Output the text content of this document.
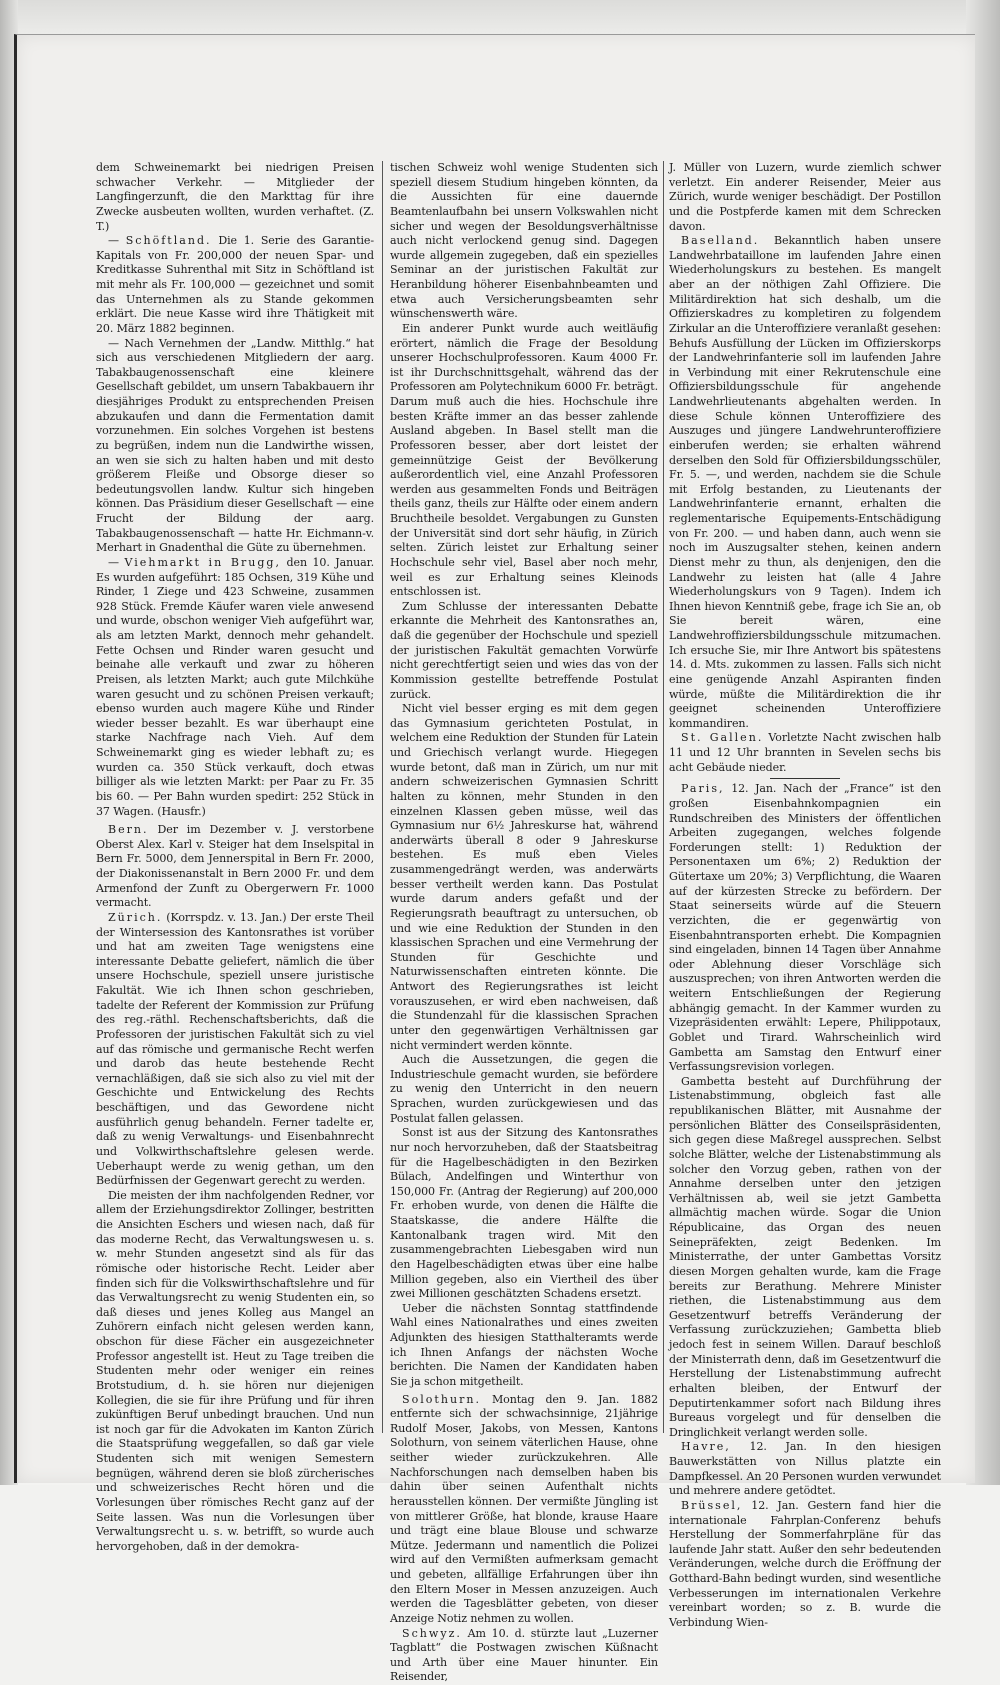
dem Schweinemarkt bei niedrigen Preisen schwacher Verkehr. — Mitglieder der Langfingerzunft, die den Markttag für ihre Zwecke ausbeuten wollten, wurden verhaftet. (Z. T.)

— Schöftland. Die 1. Serie des Garantie-Kapitals von Fr. 200,000 der neuen Spar- und Kreditkasse Suhrenthal mit Sitz in Schöftland ist mit mehr als Fr. 100,000 — gezeichnet und somit das Unternehmen als zu Stande gekommen erklärt. Die neue Kasse wird ihre Thätigkeit mit 20. März 1882 beginnen.

— Nach Vernehmen der „Landw. Mitthlg.“ hat sich aus verschiedenen Mitgliedern der aarg. Tabakbaugenossenschaft eine kleinere Gesellschaft gebildet, um unsern Tabakbauern ihr diesjähriges Produkt zu entsprechenden Preisen abzukaufen und dann die Fermentation damit vorzunehmen. Ein solches Vorgehen ist bestens zu begrüßen, indem nun die Landwirthe wissen, an wen sie sich zu halten haben und mit desto größerem Fleiße und Obsorge dieser so bedeutungsvollen landw. Kultur sich hingeben können. Das Präsidium dieser Gesellschaft — eine Frucht der Bildung der aarg. Tabakbaugenossenschaft — hatte Hr. Eichmann-v. Merhart in Gnadenthal die Güte zu übernehmen.

— Viehmarkt in Brugg, den 10. Januar. Es wurden aufgeführt: 185 Ochsen, 319 Kühe und Rinder, 1 Ziege und 423 Schweine, zusammen 928 Stück. Fremde Käufer waren viele anwesend und wurde, obschon weniger Vieh aufgeführt war, als am letzten Markt, dennoch mehr gehandelt. Fette Ochsen und Rinder waren gesucht und beinahe alle verkauft und zwar zu höheren Preisen, als letzten Markt; auch gute Milchkühe waren gesucht und zu schönen Preisen verkauft; ebenso wurden auch magere Kühe und Rinder wieder besser bezahlt. Es war überhaupt eine starke Nachfrage nach Vieh. Auf dem Schweinemarkt ging es wieder lebhaft zu; es wurden ca. 350 Stück verkauft, doch etwas billiger als wie letzten Markt: per Paar zu Fr. 35 bis 60. — Per Bahn wurden spedirt: 252 Stück in 37 Wagen. (Hausfr.)

Bern. Der im Dezember v. J. verstorbene Oberst Alex. Karl v. Steiger hat dem Inselspital in Bern Fr. 5000, dem Jennerspital in Bern Fr. 2000, der Diakonissenanstalt in Bern 2000 Fr. und dem Armenfond der Zunft zu Obergerwern Fr. 1000 vermacht.

Zürich. (Korrspdz. v. 13. Jan.) Der erste Theil der Wintersession des Kantonsrathes ist vorüber und hat am zweiten Tage wenigstens eine interessante Debatte geliefert, nämlich die über unsere Hochschule, speziell unsere juristische Fakultät. Wie ich Ihnen schon geschrieben, tadelte der Referent der Kommission zur Prüfung des reg.-räthl. Rechenschaftsberichts, daß die Professoren der juristischen Fakultät sich zu viel auf das römische und germanische Recht werfen und darob das heute bestehende Recht vernachläßigen, daß sie sich also zu viel mit der Geschichte und Entwickelung des Rechts beschäftigen, und das Gewordene nicht ausführlich genug behandeln. Ferner tadelte er, daß zu wenig Verwaltungs- und Eisenbahnrecht und Volkwirthschaftslehre gelesen werde. Ueberhaupt werde zu wenig gethan, um den Bedürfnissen der Gegenwart gerecht zu werden.

Die meisten der ihm nachfolgenden Redner, vor allem der Erziehungsdirektor Zollinger, bestritten die Ansichten Eschers und wiesen nach, daß für das moderne Recht, das Verwaltungswesen u. s. w. mehr Stunden angesetzt sind als für das römische oder historische Recht. Leider aber finden sich für die Volkswirthschaftslehre und für das Verwaltungsrecht zu wenig Studenten ein, so daß dieses und jenes Kolleg aus Mangel an Zuhörern einfach nicht gelesen werden kann, obschon für diese Fächer ein ausgezeichneter Professor angestellt ist. Heut zu Tage treiben die Studenten mehr oder weniger ein reines Brotstudium, d. h. sie hören nur diejenigen Kollegien, die sie für ihre Prüfung und für ihren zukünftigen Beruf unbedingt brauchen. Und nun ist noch gar für die Advokaten im Kanton Zürich die Staatsprüfung weggefallen, so daß gar viele Studenten sich mit wenigen Semestern begnügen, während deren sie bloß zürcherisches und schweizerisches Recht hören und die Vorlesungen über römisches Recht ganz auf der Seite lassen. Was nun die Vorlesungen über Verwaltungsrecht u. s. w. betrifft, so wurde auch hervorgehoben, daß in der demokra-

tischen Schweiz wohl wenige Studenten sich speziell diesem Studium hingeben könnten, da die Aussichten für eine dauernde Beamtenlaufbahn bei unsern Volkswahlen nicht sicher und wegen der Besoldungsverhältnisse auch nicht verlockend genug sind. Dagegen wurde allgemein zugegeben, daß ein spezielles Seminar an der juristischen Fakultät zur Heranbildung höherer Eisenbahnbeamten und etwa auch Versicherungsbeamten sehr wünschenswerth wäre.

Ein anderer Punkt wurde auch weitläufig erörtert, nämlich die Frage der Besoldung unserer Hochschulprofessoren. Kaum 4000 Fr. ist ihr Durchschnittsgehalt, während das der Professoren am Polytechnikum 6000 Fr. beträgt. Darum muß auch die hies. Hochschule ihre besten Kräfte immer an das besser zahlende Ausland abgeben. In Basel stellt man die Professoren besser, aber dort leistet der gemeinnützige Geist der Bevölkerung außerordentlich viel, eine Anzahl Professoren werden aus gesammelten Fonds und Beiträgen theils ganz, theils zur Hälfte oder einem andern Bruchtheile besoldet. Vergabungen zu Gunsten der Universität sind dort sehr häufig, in Zürich selten. Zürich leistet zur Erhaltung seiner Hochschule sehr viel, Basel aber noch mehr, weil es zur Erhaltung seines Kleinods entschlossen ist.

Zum Schlusse der interessanten Debatte erkannte die Mehrheit des Kantonsrathes an, daß die gegenüber der Hochschule und speziell der juristischen Fakultät gemachten Vorwürfe nicht gerechtfertigt seien und wies das von der Kommission gestellte betreffende Postulat zurück.

Nicht viel besser erging es mit dem gegen das Gymnasium gerichteten Postulat, in welchem eine Reduktion der Stunden für Latein und Griechisch verlangt wurde. Hiegegen wurde betont, daß man in Zürich, um nur mit andern schweizerischen Gymnasien Schritt halten zu können, mehr Stunden in den einzelnen Klassen geben müsse, weil das Gymnasium nur 6½ Jahreskurse hat, während anderwärts überall 8 oder 9 Jahreskurse bestehen. Es muß eben Vieles zusammengedrängt werden, was anderwärts besser vertheilt werden kann. Das Postulat wurde darum anders gefaßt und der Regierungsrath beauftragt zu untersuchen, ob und wie eine Reduktion der Stunden in den klassischen Sprachen und eine Vermehrung der Stunden für Geschichte und Naturwissenschaften eintreten könnte. Die Antwort des Regierungsrathes ist leicht vorauszusehen, er wird eben nachweisen, daß die Stundenzahl für die klassischen Sprachen unter den gegenwärtigen Verhältnissen gar nicht vermindert werden könnte.

Auch die Aussetzungen, die gegen die Industrieschule gemacht wurden, sie befördere zu wenig den Unterricht in den neuern Sprachen, wurden zurückgewiesen und das Postulat fallen gelassen.

Sonst ist aus der Sitzung des Kantonsrathes nur noch hervorzuheben, daß der Staatsbeitrag für die Hagelbeschädigten in den Bezirken Bülach, Andelfingen und Winterthur von 150,000 Fr. (Antrag der Regierung) auf 200,000 Fr. erhoben wurde, von denen die Hälfte die Staatskasse, die andere Hälfte die Kantonalbank tragen wird. Mit den zusammengebrachten Liebesgaben wird nun den Hagelbeschädigten etwas über eine halbe Million gegeben, also ein Viertheil des über zwei Millionen geschätzten Schadens ersetzt.

Ueber die nächsten Sonntag stattfindende Wahl eines Nationalrathes und eines zweiten Adjunkten des hiesigen Statthalteramts werde ich Ihnen Anfangs der nächsten Woche berichten. Die Namen der Kandidaten haben Sie ja schon mitgetheilt.

Solothurn. Montag den 9. Jan. 1882 entfernte sich der schwachsinnige, 21jährige Rudolf Moser, Jakobs, von Messen, Kantons Solothurn, von seinem väterlichen Hause, ohne seither wieder zurückzukehren. Alle Nachforschungen nach demselben haben bis dahin über seinen Aufenthalt nichts herausstellen können. Der vermißte Jüngling ist von mittlerer Größe, hat blonde, krause Haare und trägt eine blaue Blouse und schwarze Mütze. Jedermann und namentlich die Polizei wird auf den Vermißten aufmerksam gemacht und gebeten, allfällige Erfahrungen über ihn den Eltern Moser in Messen anzuzeigen. Auch werden die Tagesblätter gebeten, von dieser Anzeige Notiz nehmen zu wollen.

Schwyz. Am 10. d. stürzte laut „Luzerner Tagblatt“ die Postwagen zwischen Küßnacht und Arth über eine Mauer hinunter. Ein Reisender,

J. Müller von Luzern, wurde ziemlich schwer verletzt. Ein anderer Reisender, Meier aus Zürich, wurde weniger beschädigt. Der Postillon und die Postpferde kamen mit dem Schrecken davon.

Baselland. Bekanntlich haben unsere Landwehrbataillone im laufenden Jahre einen Wiederholungskurs zu bestehen. Es mangelt aber an der nöthigen Zahl Offiziere. Die Militärdirektion hat sich deshalb, um die Offizierskadres zu kompletiren zu folgendem Zirkular an die Unteroffiziere veranlaßt gesehen: Behufs Ausfüllung der Lücken im Offizierskorps der Landwehrinfanterie soll im laufenden Jahre in Verbindung mit einer Rekrutenschule eine Offiziersbildungsschule für angehende Landwehrlieutenants abgehalten werden. In diese Schule können Unteroffiziere des Auszuges und jüngere Landwehrunteroffiziere einberufen werden; sie erhalten während derselben den Sold für Offiziersbildungsschüler, Fr. 5. —, und werden, nachdem sie die Schule mit Erfolg bestanden, zu Lieutenants der Landwehrinfanterie ernannt, erhalten die reglementarische Equipements-Entschädigung von Fr. 200. — und haben dann, auch wenn sie noch im Auszugsalter stehen, keinen andern Dienst mehr zu thun, als denjenigen, den die Landwehr zu leisten hat (alle 4 Jahre Wiederholungskurs von 9 Tagen). Indem ich Ihnen hievon Kenntniß gebe, frage ich Sie an, ob Sie bereit wären, eine Landwehroffiziersbildungsschule mitzumachen. Ich ersuche Sie, mir Ihre Antwort bis spätestens 14. d. Mts. zukommen zu lassen. Falls sich nicht eine genügende Anzahl Aspiranten finden würde, müßte die Militärdirektion die ihr geeignet scheinenden Unteroffiziere kommandiren.

St. Gallen. Vorletzte Nacht zwischen halb 11 und 12 Uhr brannten in Sevelen sechs bis acht Gebäude nieder.

Paris, 12. Jan. Nach der „France“ ist den großen Eisenbahnkompagnien ein Rundschreiben des Ministers der öffentlichen Arbeiten zugegangen, welches folgende Forderungen stellt: 1) Reduktion der Personentaxen um 6%; 2) Reduktion der Gütertaxe um 20%; 3) Verpflichtung, die Waaren auf der kürzesten Strecke zu befördern. Der Staat seinerseits würde auf die Steuern verzichten, die er gegenwärtig von Eisenbahntransporten erhebt. Die Kompagnien sind eingeladen, binnen 14 Tagen über Annahme oder Ablehnung dieser Vorschläge sich auszusprechen; von ihren Antworten werden die weitern Entschließungen der Regierung abhängig gemacht. In der Kammer wurden zu Vizepräsidenten erwählt: Lepere, Philippotaux, Goblet und Tirard. Wahrscheinlich wird Gambetta am Samstag den Entwurf einer Verfassungsrevision vorlegen.

Gambetta besteht auf Durchführung der Listenabstimmung, obgleich fast alle republikanischen Blätter, mit Ausnahme der persönlichen Blätter des Conseilspräsidenten, sich gegen diese Maßregel aussprechen. Selbst solche Blätter, welche der Listenabstimmung als solcher den Vorzug geben, rathen von der Annahme derselben unter den jetzigen Verhältnissen ab, weil sie jetzt Gambetta allmächtig machen würde. Sogar die Union Républicaine, das Organ des neuen Seinepräfekten, zeigt Bedenken. Im Ministerrathe, der unter Gambettas Vorsitz diesen Morgen gehalten wurde, kam die Frage bereits zur Berathung. Mehrere Minister riethen, die Listenabstimmung aus dem Gesetzentwurf betreffs Veränderung der Verfassung zurückzuziehen; Gambetta blieb jedoch fest in seinem Willen. Darauf beschloß der Ministerrath denn, daß im Gesetzentwurf die Herstellung der Listenabstimmung aufrecht erhalten bleiben, der Entwurf der Deputirtenkammer sofort nach Bildung ihres Bureaus vorgelegt und für denselben die Dringlichkeit verlangt werden solle.

Havre, 12. Jan. In den hiesigen Bauwerkstätten von Nillus platzte ein Dampfkessel. An 20 Personen wurden verwundet und mehrere andere getödtet.

Brüssel, 12. Jan. Gestern fand hier die internationale Fahrplan-Conferenz behufs Herstellung der Sommerfahrpläne für das laufende Jahr statt. Außer den sehr bedeutenden Veränderungen, welche durch die Eröffnung der Gotthard-Bahn bedingt wurden, sind wesentliche Verbesserungen im internationalen Verkehre vereinbart worden; so z. B. wurde die Verbindung Wien-
